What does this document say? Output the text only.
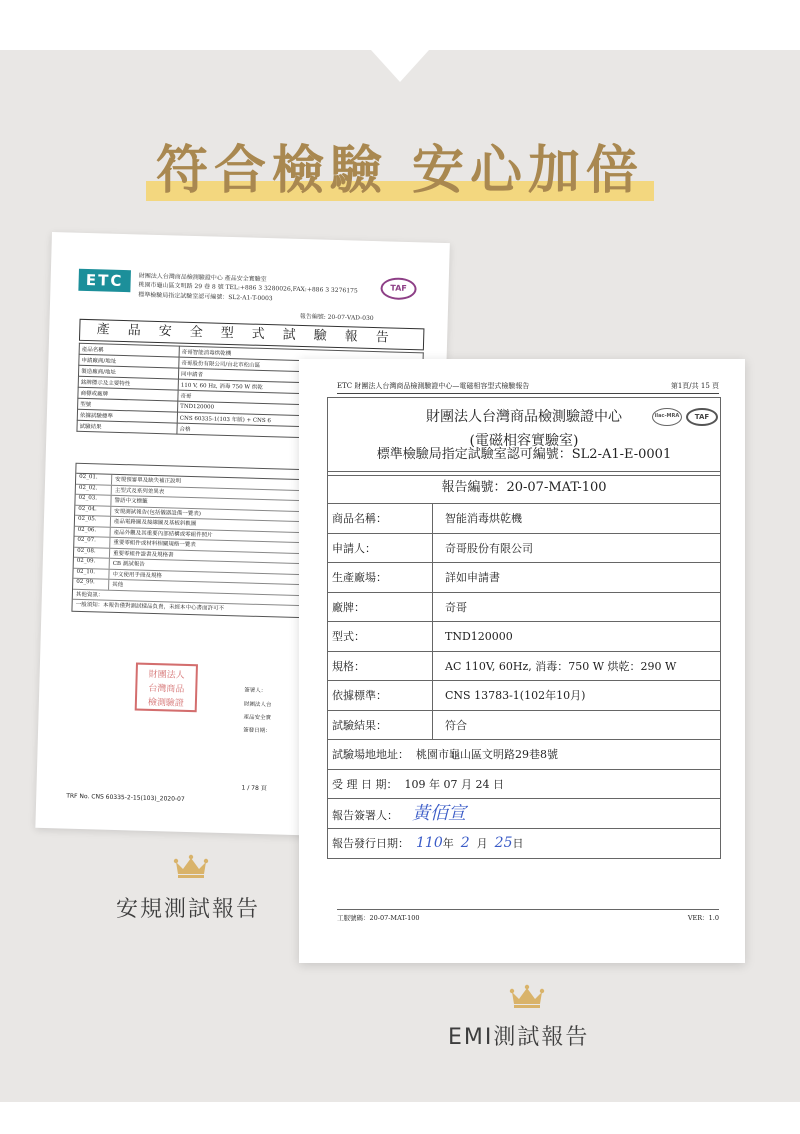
符合檢驗 安心加倍
ETC	財團法人台灣商品檢測驗證中心 產品安全實驗室
桃園市龜山區文明路 29 巷 8 號 TEL:+886 3 3280026,FAX:+886 3 3276175
標準檢驗局指定試驗室認可編號：SL2-A1-T-0003
TAF
報告編號: 20-07-VAD-030
產品安全型式試驗報告
產品名稱	奇哥智能消毒烘乾機
申請廠商/地址	奇哥股份有限公司/台北市松山區
製造廠商/地址	同申請者
銘牌標示及主要特性	110 V, 60 Hz, 消毒 750 W 烘乾
商標或廠牌	奇哥
型號	TND120000
依據試驗標準	CNS 60335-1(103 年版) + CNS 6
試驗結果	合格
02_01.	安規預審單及缺失補正說明
02_02.	主型式及系列差異表
02_03.	警語中文標籤
02_04.	安規測試報告(包括儀器設備一覽表)
02_05.	產品電路圖及接線圖及基板斜軌圖
02_06.	產品外觀及其重要內部結構或零組件照片
02_07.	重要零組件或材料相關規格一覽表
02_08.	重要零組件證書及規格書
02_09.	CB 測試報告
02_10.	中文使用手冊及規格
02_99.	其他
其他資訊：
一般須知：本報告僅對測試樣品負責，未經本中心書面許可不
財團法人
台灣商品
檢測驗證
簽署人：
財團法人台
產品安全實
簽發日期：
1 / 78 頁
TRF No. CNS 60335-2-15(103)_2020-07
ETC 財團法人台灣商品檢測驗證中心—電磁相容型式檢驗報告	第1頁/共 15 頁
財團法人台灣商品檢測驗證中心
(電磁相容實驗室)
ilac-MRA	TAF
標準檢驗局指定試驗室認可編號：SL2-A1-E-0001
報告編號：20-07-MAT-100
商品名稱：	智能消毒烘乾機
申請人：	奇哥股份有限公司
生產廠場：	詳如申請書
廠牌：	奇哥
型式：	TND120000
規格：	AC 110V, 60Hz, 消毒：750 W 烘乾：290 W
依據標準：	CNS 13783-1(102年10月)
試驗結果：	符合
試驗場地地址： 桃園市龜山區文明路29巷8號
受 理 日 期： 109 年 07 月 24 日
報告簽署人： 黃佰宣
報告發行日期： 110年 2 月 25日
工服號碼：20-07-MAT-100	VER：1.0
安規測試報告
EMI測試報告
